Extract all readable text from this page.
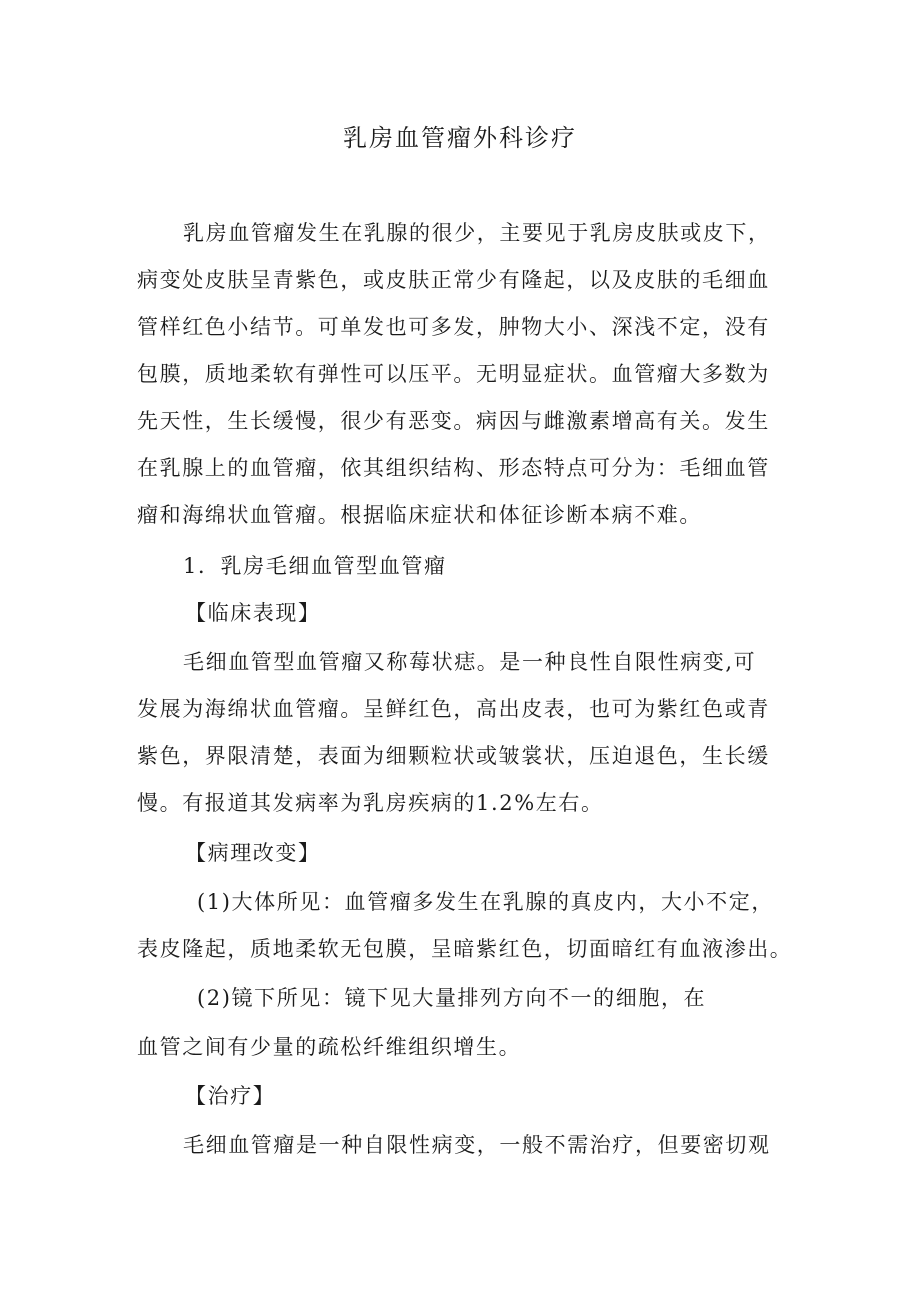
乳房血管瘤外科诊疗
乳房血管瘤发生在乳腺的很少，主要见于乳房皮肤或皮下，
病变处皮肤呈青紫色，或皮肤正常少有隆起，以及皮肤的毛细血
管样红色小结节。可单发也可多发，肿物大小、深浅不定，没有
包膜，质地柔软有弹性可以压平。无明显症状。血管瘤大多数为
先天性，生长缓慢，很少有恶变。病因与雌激素增高有关。发生
在乳腺上的血管瘤，依其组织结构、形态特点可分为：毛细血管
瘤和海绵状血管瘤。根据临床症状和体征诊断本病不难。
1．乳房毛细血管型血管瘤
【临床表现】
毛细血管型血管瘤又称莓状痣。是一种良性自限性病变,可
发展为海绵状血管瘤。呈鲜红色，高出皮表，也可为紫红色或青
紫色，界限清楚，表面为细颗粒状或皱裳状，压迫退色，生长缓
慢。有报道其发病率为乳房疾病的1.2%左右。
【病理改变】
(1)大体所见：血管瘤多发生在乳腺的真皮内，大小不定，
表皮隆起，质地柔软无包膜，呈暗紫红色，切面暗红有血液渗出。
(2)镜下所见：镜下见大量排列方向不一的细胞，在
血管之间有少量的疏松纤维组织增生。
【治疗】
毛细血管瘤是一种自限性病变，一般不需治疗，但要密切观
